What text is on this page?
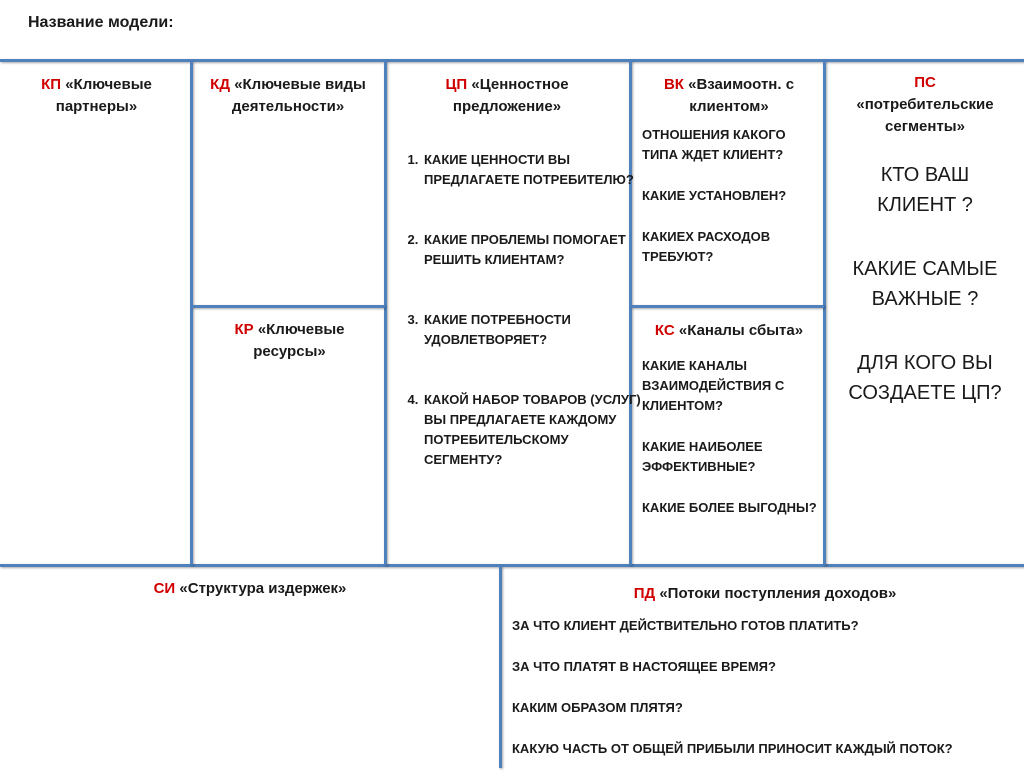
Название модели:
КП «Ключевые партнеры»
КД «Ключевые виды деятельности»
КР «Ключевые ресурсы»
ЦП «Ценностное предложение»
1. КАКИЕ ЦЕННОСТИ ВЫ ПРЕДЛАГАЕТЕ ПОТРЕБИТЕЛЮ?
2. КАКИЕ ПРОБЛЕМЫ ПОМОГАЕТ РЕШИТЬ КЛИЕНТАМ?
3. КАКИЕ ПОТРЕБНОСТИ УДОВЛЕТВОРЯЕТ?
4. КАКОЙ НАБОР ТОВАРОВ (УСЛУГ) ВЫ ПРЕДЛАГАЕТЕ КАЖДОМУ ПОТРЕБИТЕЛЬСКОМУ СЕГМЕНТУ?
ВК «Взаимоотн. с клиентом»

ОТНОШЕНИЯ КАКОГО ТИПА ЖДЕТ КЛИЕНТ?

КАКИЕ УСТАНОВЛЕН?

КАКИЕХ РАСХОДОВ ТРЕБУЮТ?

КС «Каналы сбыта»

КАКИЕ КАНАЛЫ ВЗАИМОДЕЙСТВИЯ С КЛИЕНТОМ?

КАКИЕ НАИБОЛЕЕ ЭФФЕКТИВНЫЕ?

КАКИЕ БОЛЕЕ ВЫГОДНЫ?

ПС
«потребительские сегменты»

КТО ВАШ КЛИЕНТ ?

КАКИЕ САМЫЕ ВАЖНЫЕ ?

ДЛЯ КОГО ВЫ СОЗДАЕТЕ ЦП?

СИ «Структура издержек»	ПД «Потоки поступления доходов»

ЗА ЧТО КЛИЕНТ ДЕЙСТВИТЕЛЬНО ГОТОВ ПЛАТИТЬ?

ЗА ЧТО ПЛАТЯТ В НАСТОЯЩЕЕ ВРЕМЯ?

КАКИМ ОБРАЗОМ ПЛЯТЯ?

КАКУЮ ЧАСТЬ ОТ ОБЩЕЙ ПРИБЫЛИ ПРИНОСИТ КАЖДЫЙ ПОТОК?
